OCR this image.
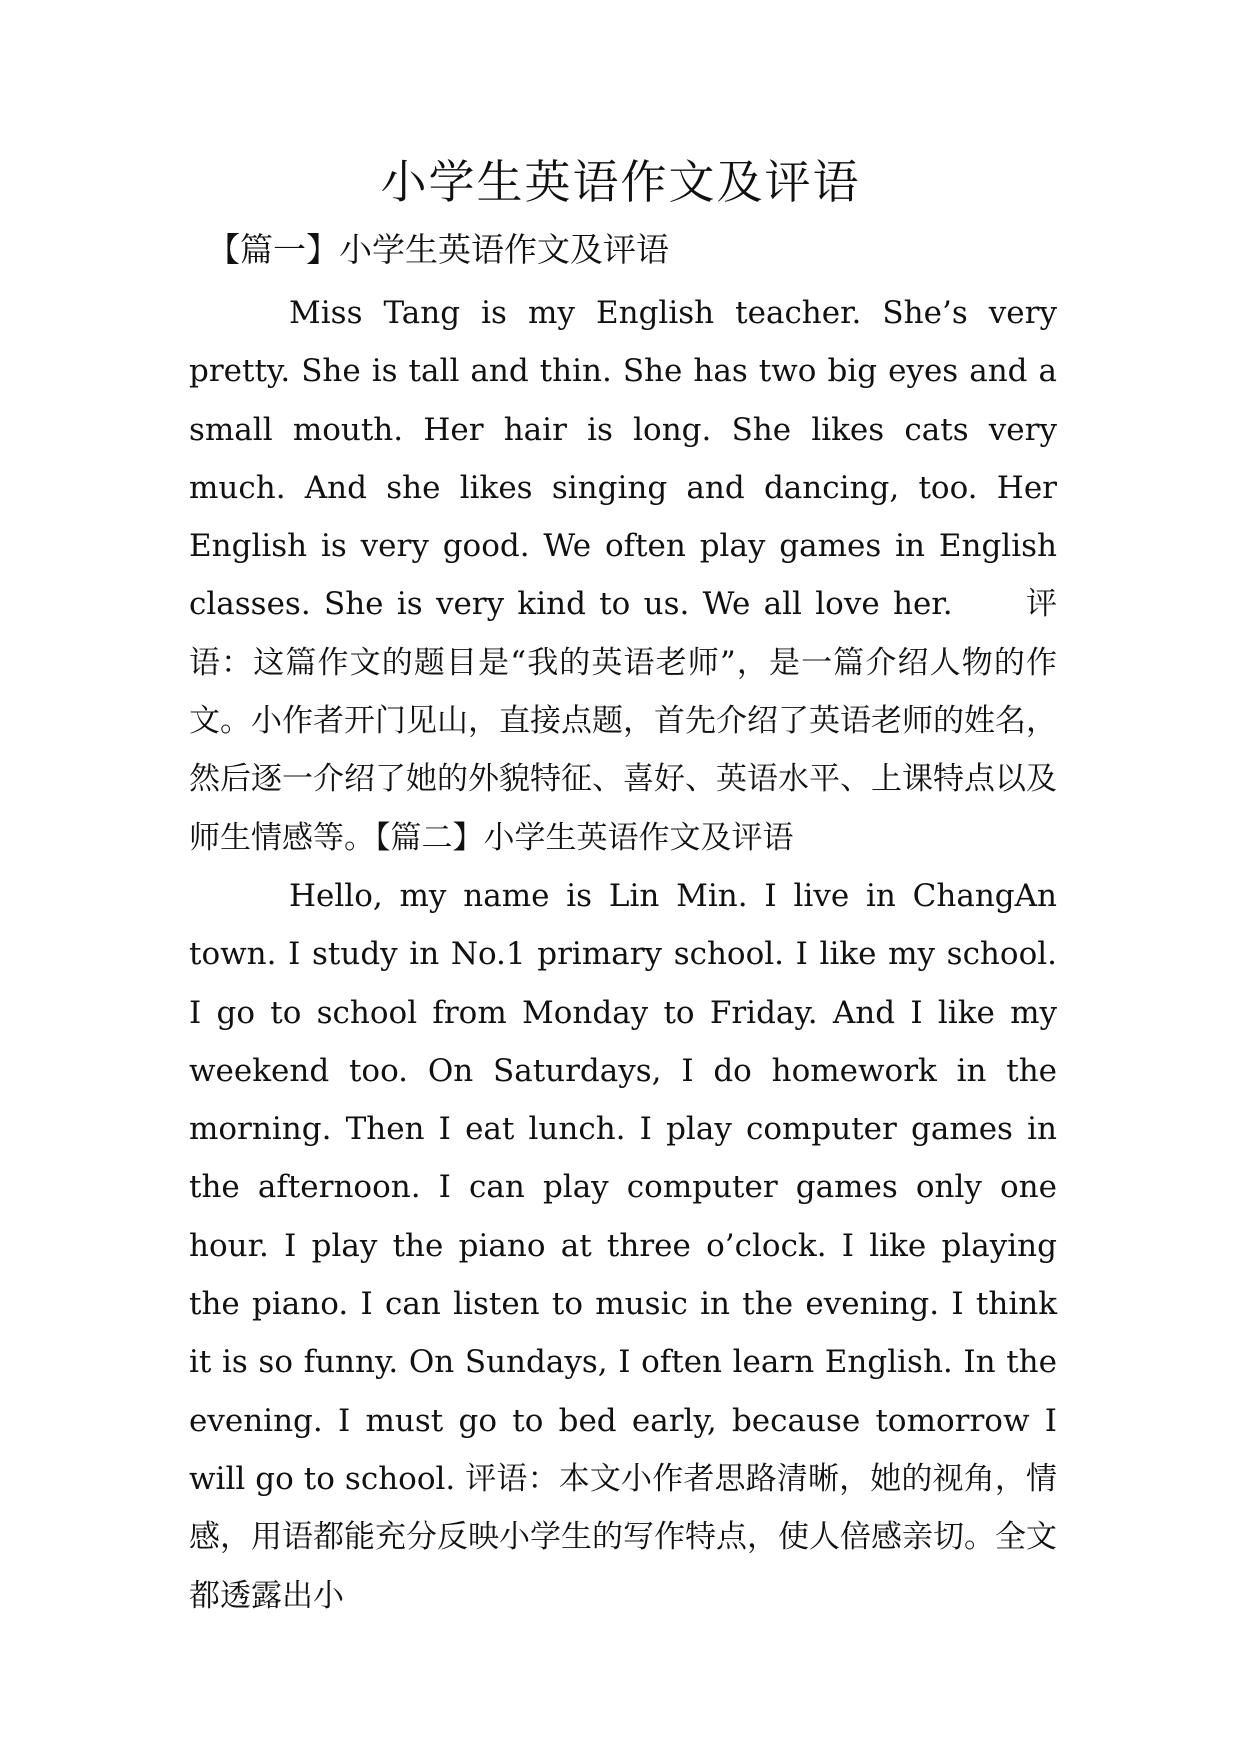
小学生英语作文及评语

【篇一】小学生英语作文及评语

Miss Tang is my English teacher. She’s very pretty. She is tall and thin. She has two big eyes and a small mouth. Her hair is long. She likes cats very much. And she likes singing and dancing, too. Her English is very good. We often play games in English classes. She is very kind to us. We all love her. 评语：这篇作文的题目是“我的英语老师”，是一篇介绍人物的作文。小作者开门见山，直接点题，首先介绍了英语老师的姓名，然后逐一介绍了她的外貌特征、喜好、英语水平、上课特点以及师生情感等。【篇二】小学生英语作文及评语

Hello, my name is Lin Min. I live in ChangAn town. I study in No.1 primary school. I like my school. I go to school from Monday to Friday. And I like my weekend too. On Saturdays, I do homework in the morning. Then I eat lunch. I play computer games in the afternoon. I can play computer games only one hour. I play the piano at three o’clock. I like playing the piano. I can listen to music in the evening. I think it is so funny. On Sundays, I often learn English. In the evening. I must go to bed early, because tomorrow I will go to school. 评语：本文小作者思路清晰，她的视角，情感，用语都能充分反映小学生的写作特点，使人倍感亲切。全文都透露出小
